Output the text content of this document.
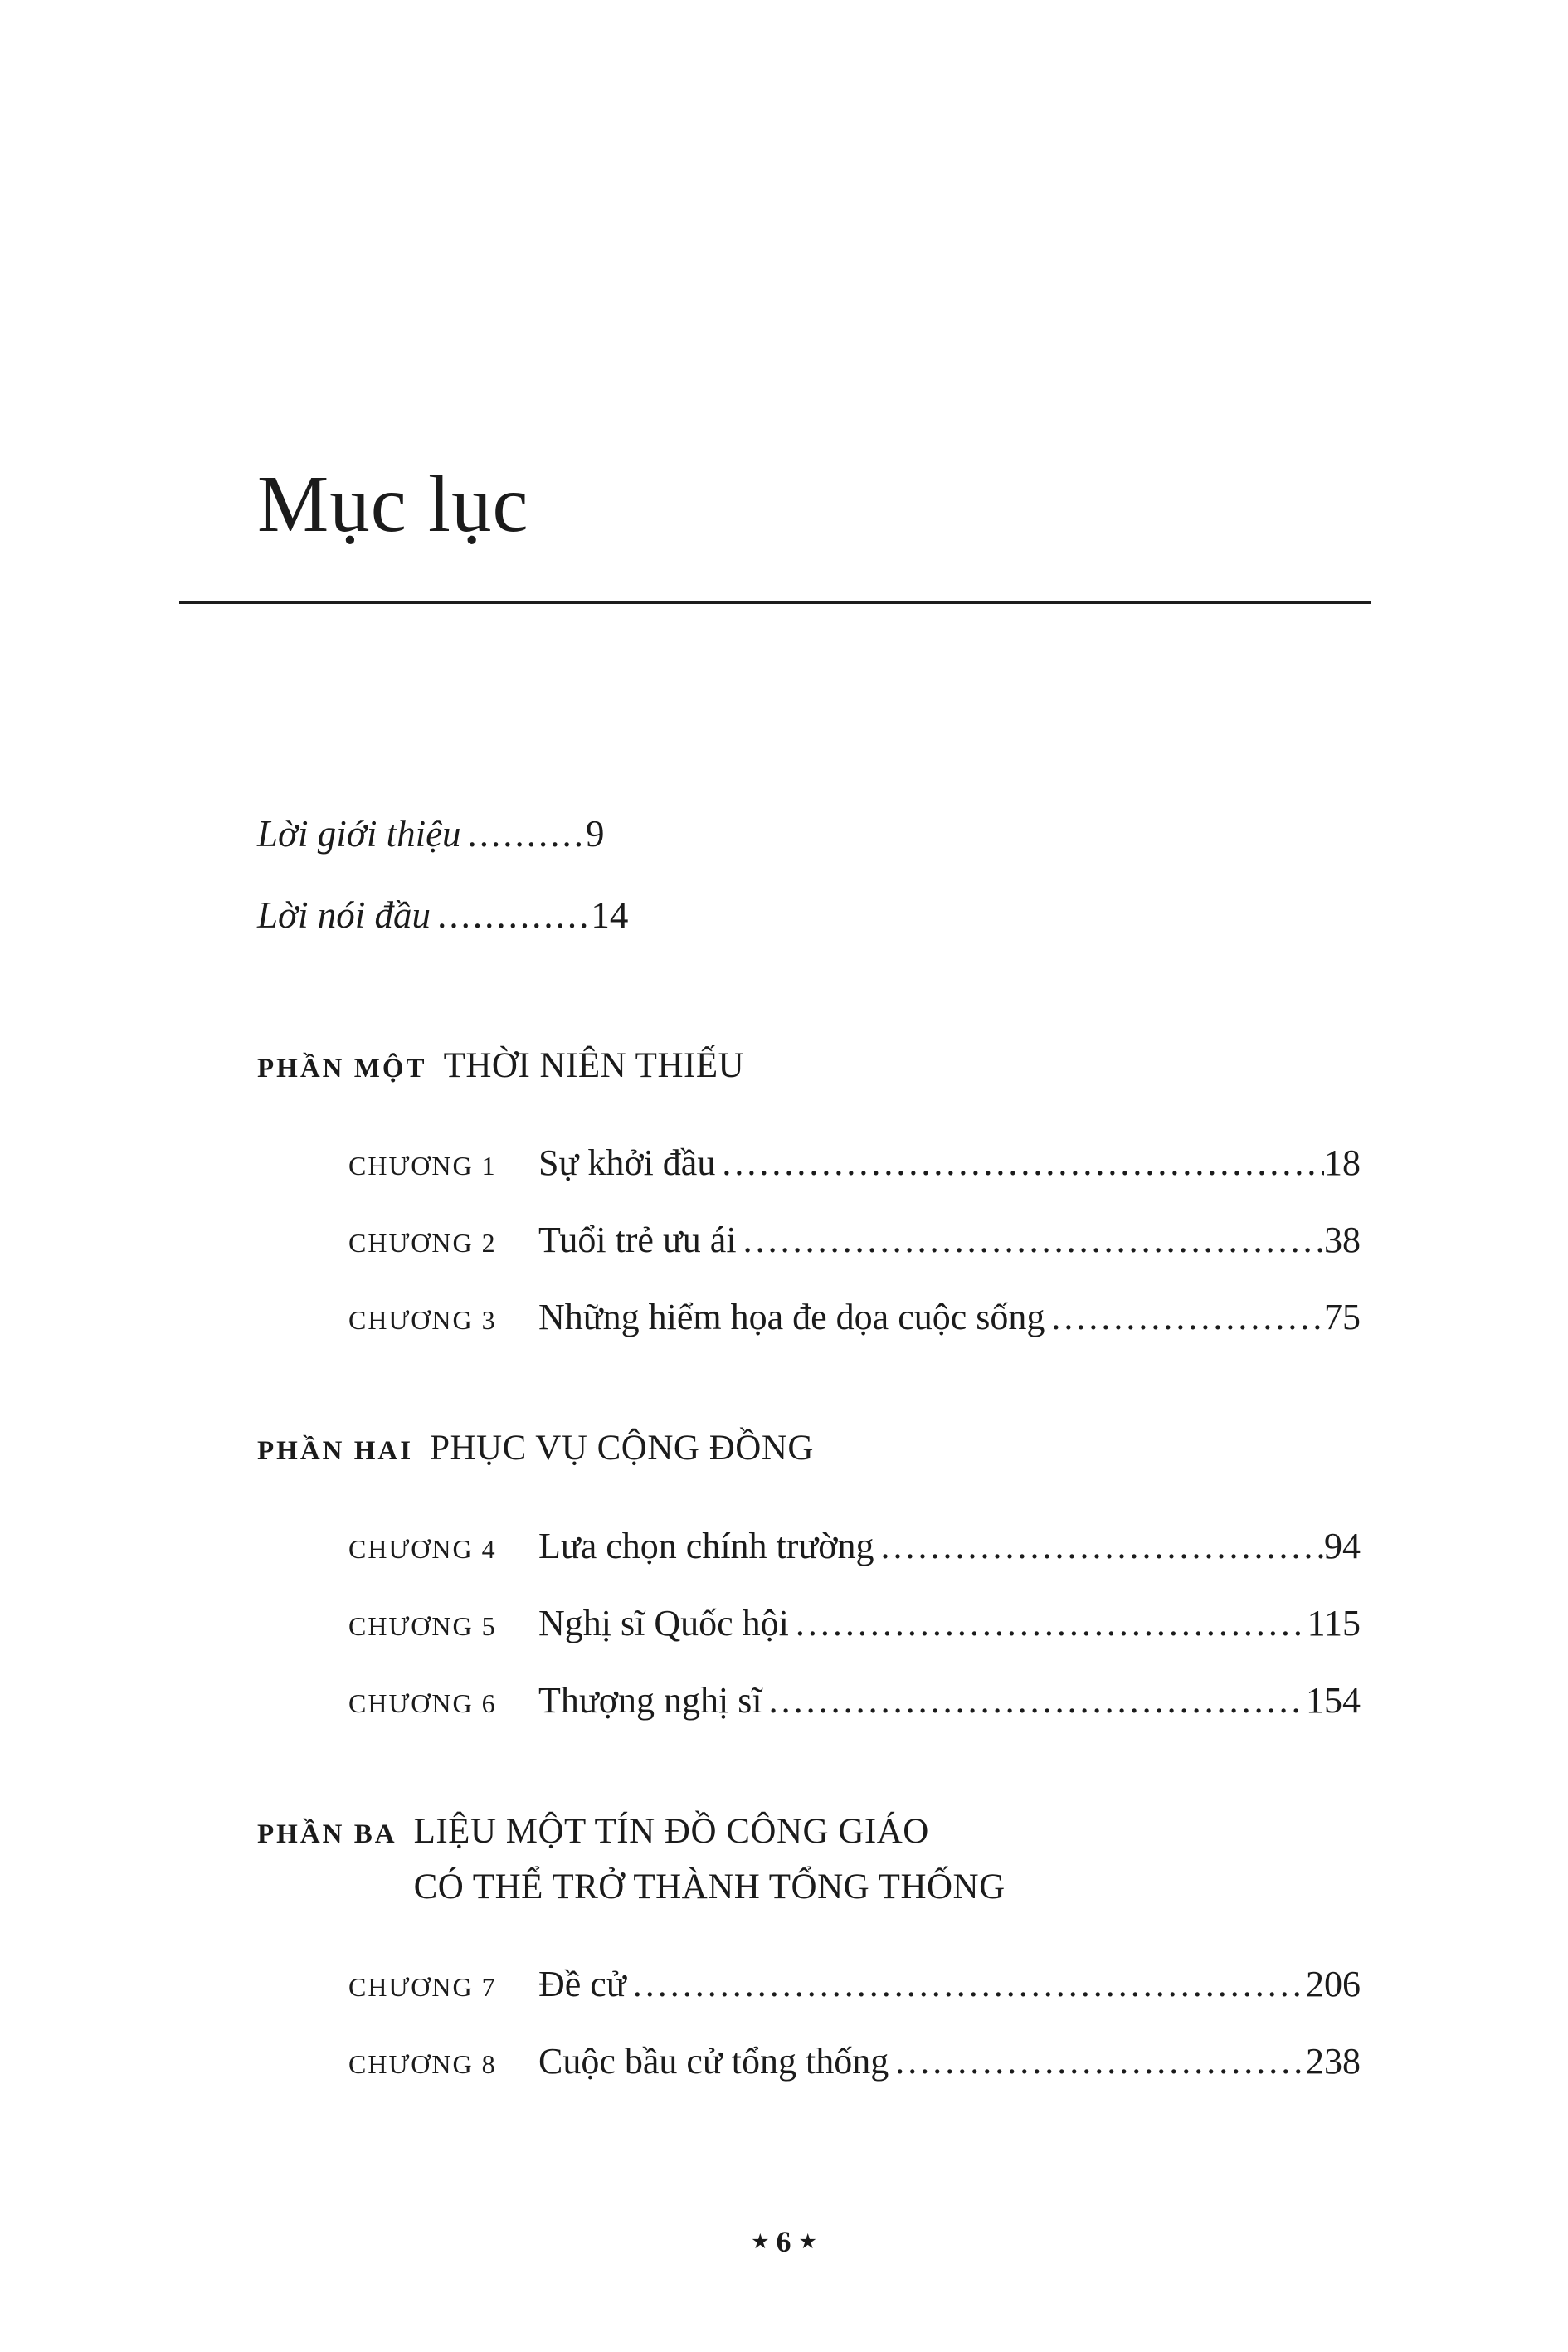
Mục lục
Lời giới thiệu ..........9
Lời nói đầu .............14
PHẦN MỘT THỜI NIÊN THIẾU
CHƯƠNG 1	Sự khởi đầu .....	18
CHƯƠNG 2	Tuổi trẻ ưu ái .....	38
CHƯƠNG 3	Những hiểm họa đe dọa cuộc sống .....	75
PHẦN HAI PHỤC VỤ CỘNG ĐỒNG
CHƯƠNG 4	Lưa chọn chính trường .....	94
CHƯƠNG 5	Nghị sĩ Quốc hội .....	115
CHƯƠNG 6	Thượng nghị sĩ .....	154
PHẦN BA LIỆU MỘT TÍN ĐỒ CÔNG GIÁO
CÓ THỂ TRỞ THÀNH TỔNG THỐNG
CHƯƠNG 7	Đề cử .....	206
CHƯƠNG 8	Cuộc bầu cử tổng thống .....	238
★ 6 ★
